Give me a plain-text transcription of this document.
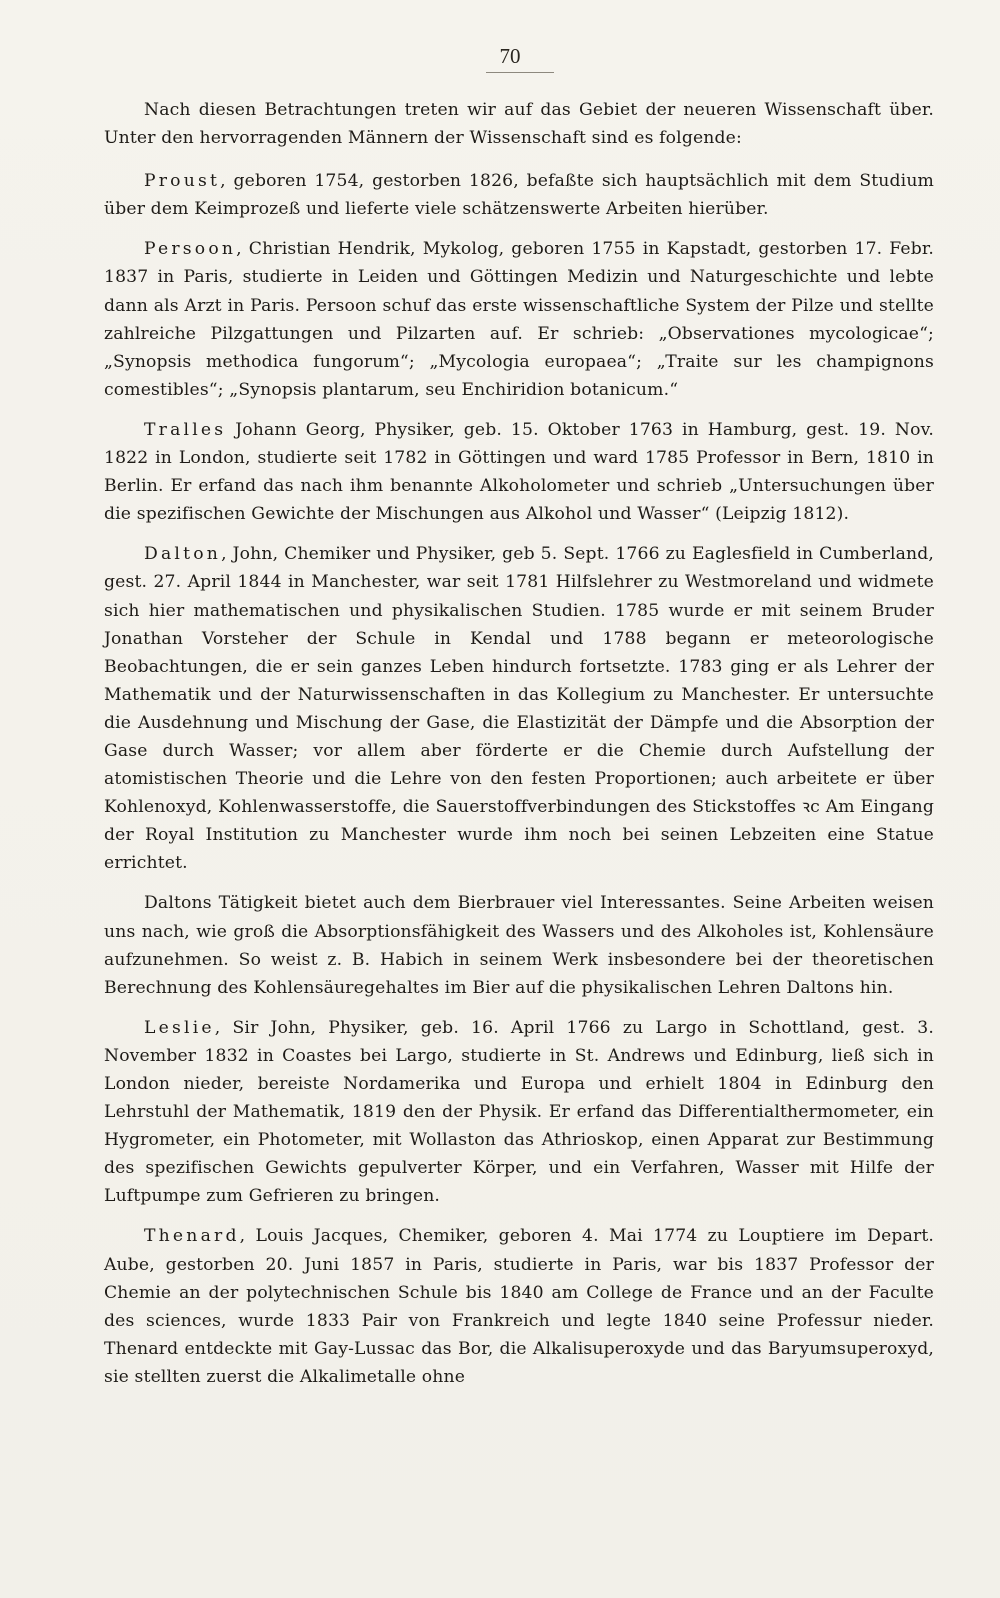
70

Nach diesen Betrachtungen treten wir auf das Gebiet der neueren Wissenschaft über. Unter den hervorragenden Männern der Wissenschaft sind es folgende:

Proust, geboren 1754, gestorben 1826, befaßte sich hauptsächlich mit dem Studium über dem Keimprozeß und lieferte viele schätzenswerte Arbeiten hierüber.

Persoon, Christian Hendrik, Mykolog, geboren 1755 in Kapstadt, gestorben 17. Febr. 1837 in Paris, studierte in Leiden und Göttingen Medizin und Naturgeschichte und lebte dann als Arzt in Paris. Persoon schuf das erste wissenschaftliche System der Pilze und stellte zahlreiche Pilzgattungen und Pilzarten auf. Er schrieb: „Observationes mycologicae“; „Synopsis methodica fungorum“; „Mycologia europaea“; „Traite sur les champignons comestibles“; „Synopsis plantarum, seu Enchiridion botanicum.“

Tralles Johann Georg, Physiker, geb. 15. Oktober 1763 in Hamburg, gest. 19. Nov. 1822 in London, studierte seit 1782 in Göttingen und ward 1785 Professor in Bern, 1810 in Berlin. Er erfand das nach ihm benannte Alkoholometer und schrieb „Untersuchungen über die spezifischen Gewichte der Mischungen aus Alkohol und Wasser“ (Leipzig 1812).

Dalton, John, Chemiker und Physiker, geb 5. Sept. 1766 zu Eaglesfield in Cumberland, gest. 27. April 1844 in Manchester, war seit 1781 Hilfslehrer zu Westmoreland und widmete sich hier mathematischen und physikalischen Studien. 1785 wurde er mit seinem Bruder Jonathan Vorsteher der Schule in Kendal und 1788 begann er meteorologische Beobachtungen, die er sein ganzes Leben hindurch fortsetzte. 1783 ging er als Lehrer der Mathematik und der Naturwissenschaften in das Kollegium zu Manchester. Er untersuchte die Ausdehnung und Mischung der Gase, die Elastizität der Dämpfe und die Absorption der Gase durch Wasser; vor allem aber förderte er die Chemie durch Aufstellung der atomistischen Theorie und die Lehre von den festen Proportionen; auch arbeitete er über Kohlenoxyd, Kohlenwasserstoffe, die Sauerstoffverbindungen des Stickstoffes ꝛc Am Eingang der Royal Institution zu Manchester wurde ihm noch bei seinen Lebzeiten eine Statue errichtet.

Daltons Tätigkeit bietet auch dem Bierbrauer viel Interessantes. Seine Arbeiten weisen uns nach, wie groß die Absorptionsfähigkeit des Wassers und des Alkoholes ist, Kohlensäure aufzunehmen. So weist z. B. Habich in seinem Werk insbesondere bei der theoretischen Berechnung des Kohlensäuregehaltes im Bier auf die physikalischen Lehren Daltons hin.

Leslie, Sir John, Physiker, geb. 16. April 1766 zu Largo in Schottland, gest. 3. November 1832 in Coastes bei Largo, studierte in St. Andrews und Edinburg, ließ sich in London nieder, bereiste Nordamerika und Europa und erhielt 1804 in Edinburg den Lehrstuhl der Mathematik, 1819 den der Physik. Er erfand das Differentialthermometer, ein Hygrometer, ein Photometer, mit Wollaston das Athrioskop, einen Apparat zur Bestimmung des spezifischen Gewichts gepulverter Körper, und ein Verfahren, Wasser mit Hilfe der Luftpumpe zum Gefrieren zu bringen.

Thenard, Louis Jacques, Chemiker, geboren 4. Mai 1774 zu Louptiere im Depart. Aube, gestorben 20. Juni 1857 in Paris, studierte in Paris, war bis 1837 Professor der Chemie an der polytechnischen Schule bis 1840 am College de France und an der Faculte des sciences, wurde 1833 Pair von Frankreich und legte 1840 seine Professur nieder. Thenard entdeckte mit Gay-Lussac das Bor, die Alkalisuperoxyde und das Baryumsuperoxyd, sie stellten zuerst die Alkalimetalle ohne
